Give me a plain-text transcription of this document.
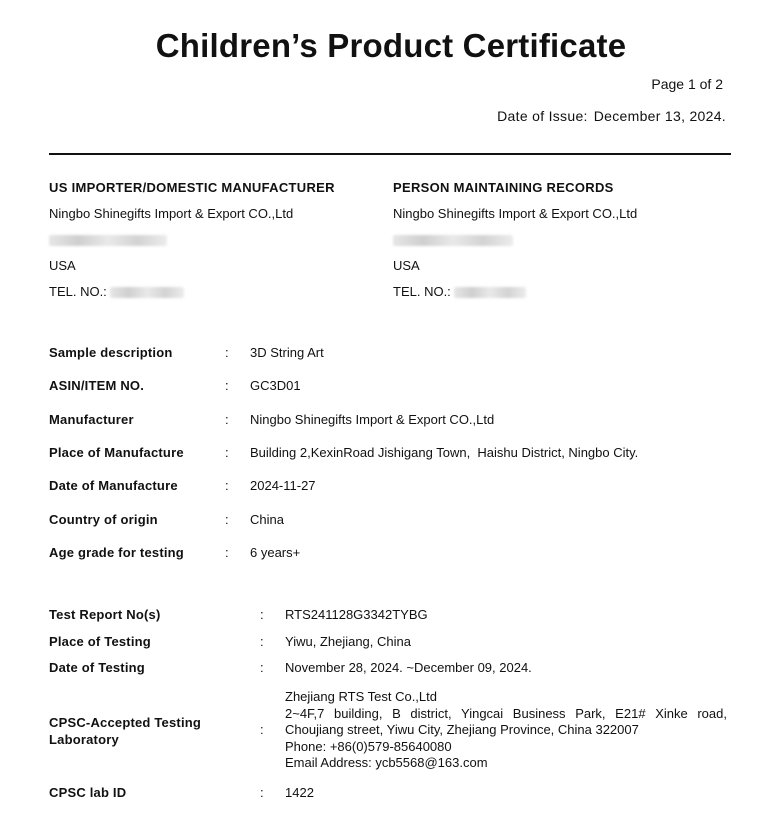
Children’s Product Certificate
Page 1 of 2
Date of Issue: December 13, 2024.
US IMPORTER/DOMESTIC MANUFACTURER
Ningbo Shinegifts Import & Export CO.,Ltd
USA
TEL. NO.:
PERSON MAINTAINING RECORDS
Ningbo Shinegifts Import & Export CO.,Ltd
USA
TEL. NO.:
Sample description	: 3D String Art
ASIN/ITEM NO.	: GC3D01
Manufacturer	: Ningbo Shinegifts Import & Export CO.,Ltd
Place of Manufacture	: Building 2,KexinRoad Jishigang Town,  Haishu District, Ningbo City.
Date of Manufacture	: 2024-11-27
Country of origin	: China
Age grade for testing	: 6 years+
Test Report No(s)	: RTS241128G3342TYBG
Place of Testing	: Yiwu, Zhejiang, China
Date of Testing	: November 28, 2024. ~December 09, 2024.
CPSC-Accepted Testing
Laboratory
:
Zhejiang RTS Test Co.,Ltd
2~4F,7 building, B district, Yingcai Business Park, E21# Xinke road,
Choujiang street, Yiwu City, Zhejiang Province, China 322007
Phone: +86(0)579-85640080
Email Address: ycb5568@163.com
CPSC lab ID	: 1422
